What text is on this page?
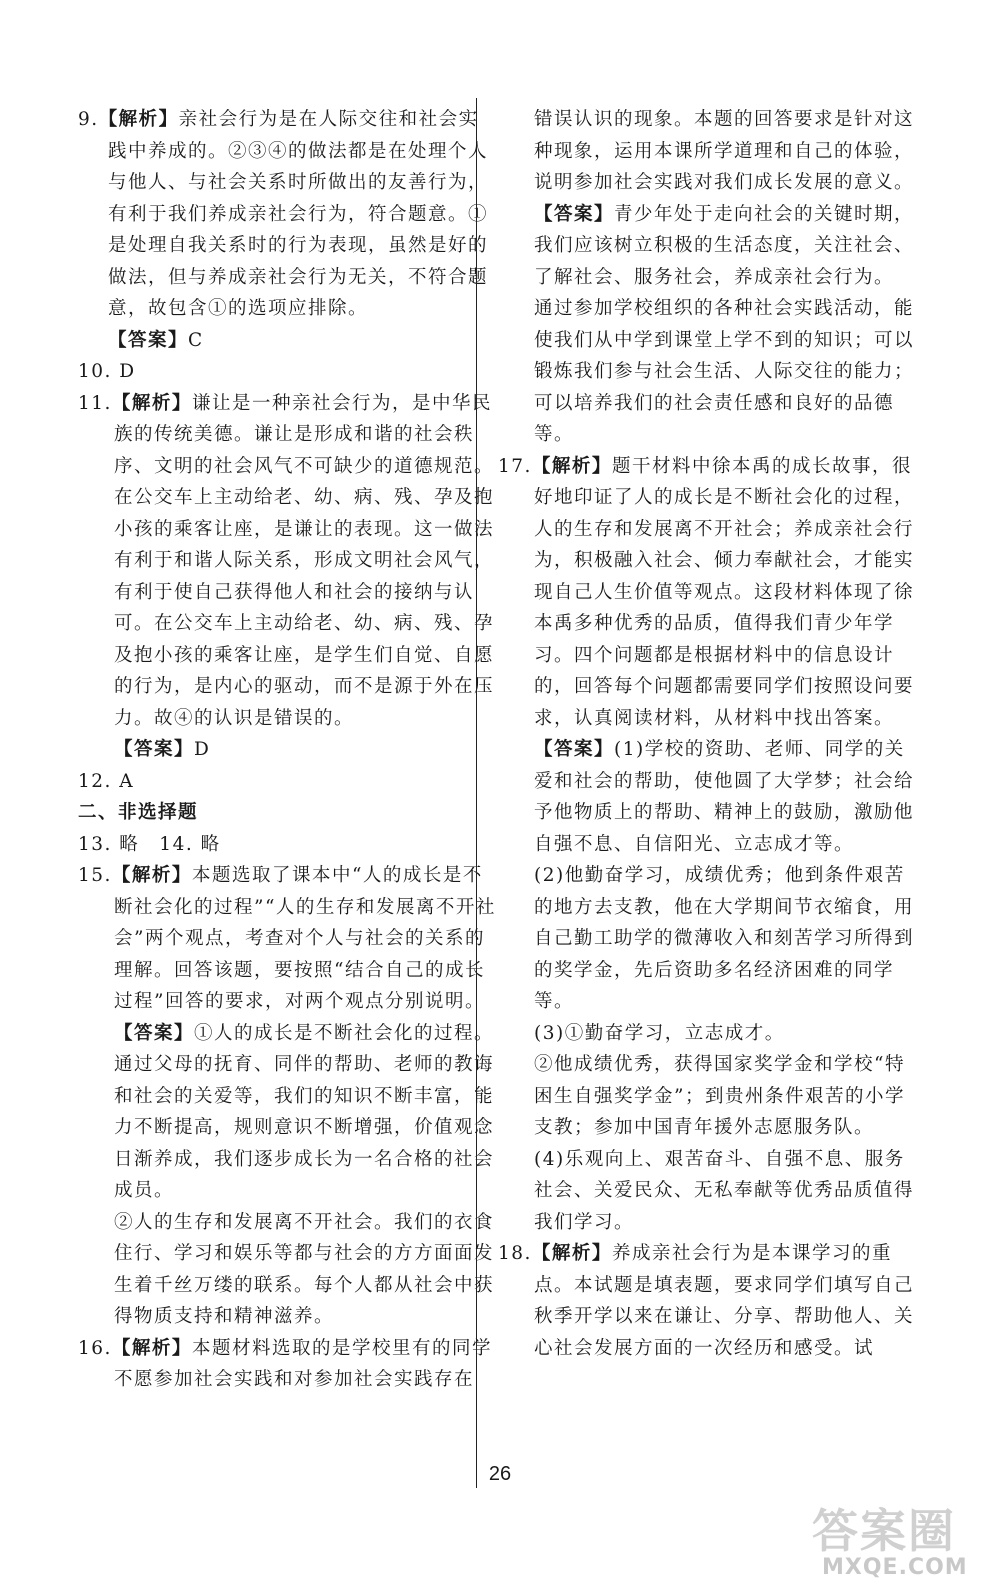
9.【解析】亲社会行为是在人际交往和社会实践中养成的。②③④的做法都是在处理个人与他人、与社会关系时所做出的友善行为，有利于我们养成亲社会行为，符合题意。①是处理自我关系时的行为表现，虽然是好的做法，但与养成亲社会行为无关，不符合题意，故包含①的选项应排除。
【答案】C
10. D
11.【解析】谦让是一种亲社会行为，是中华民族的传统美德。谦让是形成和谐的社会秩序、文明的社会风气不可缺少的道德规范。在公交车上主动给老、幼、病、残、孕及抱小孩的乘客让座，是谦让的表现。这一做法有利于和谐人际关系，形成文明社会风气，有利于使自己获得他人和社会的接纳与认可。在公交车上主动给老、幼、病、残、孕及抱小孩的乘客让座，是学生们自觉、自愿的行为，是内心的驱动，而不是源于外在压力。故④的认识是错误的。
【答案】D
12. A
二、非选择题
13. 略　14. 略
15.【解析】本题选取了课本中“人的成长是不断社会化的过程”“人的生存和发展离不开社会”两个观点，考查对个人与社会的关系的理解。回答该题，要按照“结合自己的成长过程”回答的要求，对两个观点分别说明。
【答案】①人的成长是不断社会化的过程。通过父母的抚育、同伴的帮助、老师的教诲和社会的关爱等，我们的知识不断丰富，能力不断提高，规则意识不断增强，价值观念日渐养成，我们逐步成长为一名合格的社会成员。
②人的生存和发展离不开社会。我们的衣食住行、学习和娱乐等都与社会的方方面面发生着千丝万缕的联系。每个人都从社会中获得物质支持和精神滋养。
16.【解析】本题材料选取的是学校里有的同学不愿参加社会实践和对参加社会实践存在
错误认识的现象。本题的回答要求是针对这种现象，运用本课所学道理和自己的体验，说明参加社会实践对我们成长发展的意义。
【答案】青少年处于走向社会的关键时期，我们应该树立积极的生活态度，关注社会、了解社会、服务社会，养成亲社会行为。
通过参加学校组织的各种社会实践活动，能使我们从中学到课堂上学不到的知识；可以锻炼我们参与社会生活、人际交往的能力；可以培养我们的社会责任感和良好的品德等。
17.【解析】题干材料中徐本禹的成长故事，很好地印证了人的成长是不断社会化的过程，人的生存和发展离不开社会；养成亲社会行为，积极融入社会、倾力奉献社会，才能实现自己人生价值等观点。这段材料体现了徐本禹多种优秀的品质，值得我们青少年学习。四个问题都是根据材料中的信息设计的，回答每个问题都需要同学们按照设问要求，认真阅读材料，从材料中找出答案。
【答案】(1)学校的资助、老师、同学的关爱和社会的帮助，使他圆了大学梦；社会给予他物质上的帮助、精神上的鼓励，激励他自强不息、自信阳光、立志成才等。
(2)他勤奋学习，成绩优秀；他到条件艰苦的地方去支教，他在大学期间节衣缩食，用自己勤工助学的微薄收入和刻苦学习所得到的奖学金，先后资助多名经济困难的同学等。
(3)①勤奋学习，立志成才。
②他成绩优秀，获得国家奖学金和学校“特困生自强奖学金”；到贵州条件艰苦的小学支教；参加中国青年援外志愿服务队。
(4)乐观向上、艰苦奋斗、自强不息、服务社会、关爱民众、无私奉献等优秀品质值得我们学习。
18.【解析】养成亲社会行为是本课学习的重点。本试题是填表题，要求同学们填写自己秋季开学以来在谦让、分享、帮助他人、关心社会发展方面的一次经历和感受。试
26
答案圈
MXQE.COM
